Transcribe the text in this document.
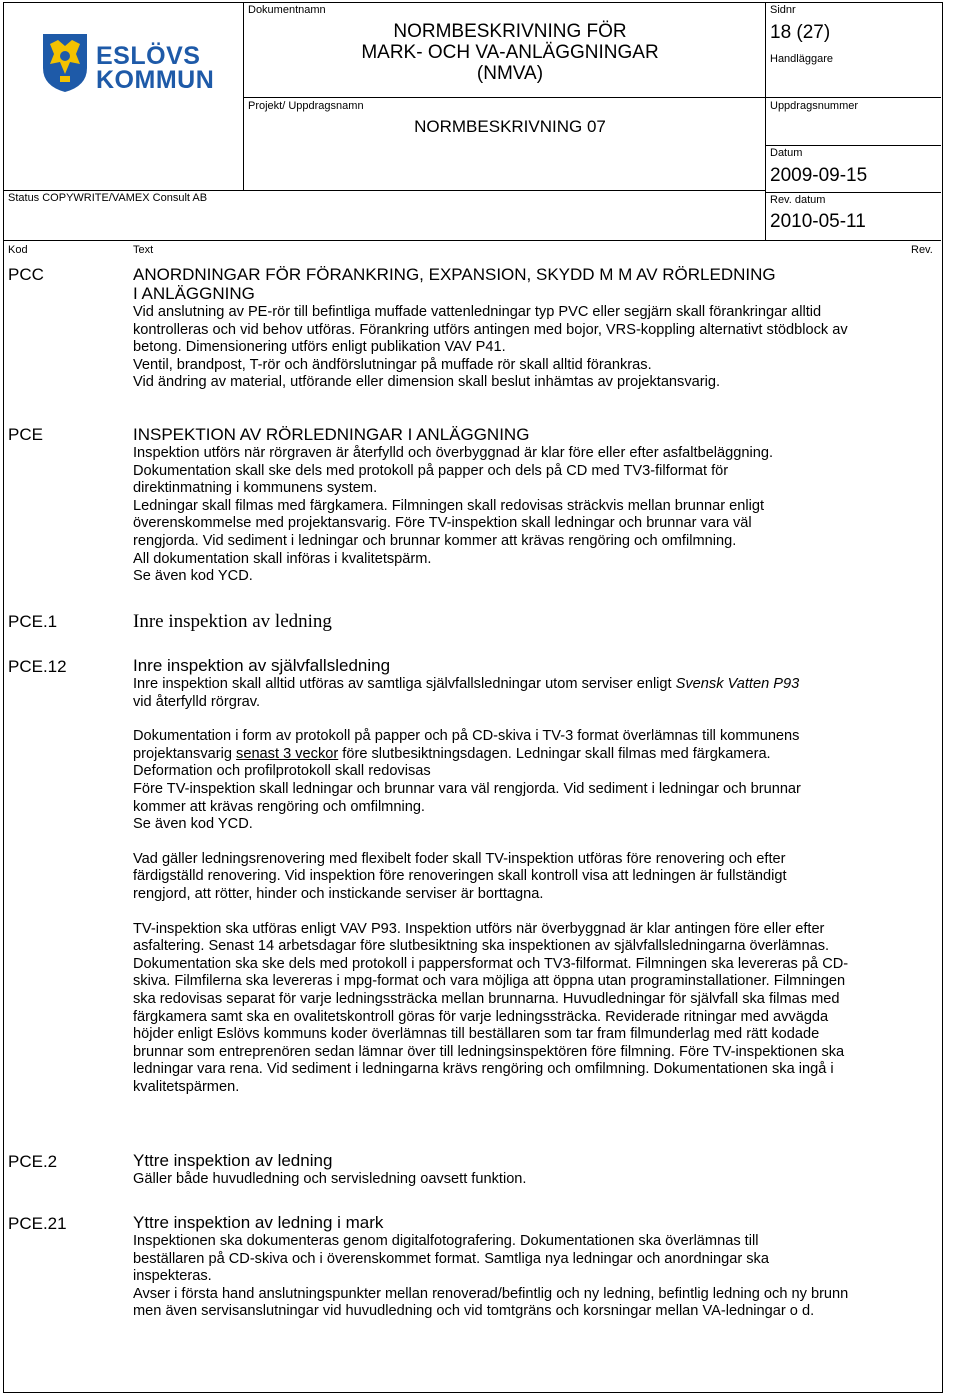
ESLÖVS
KOMMUN
Status COPYWRITE/VAMEX Consult AB
Dokumentnamn
NORMBESKRIVNING FÖR
MARK- OCH VA-ANLÄGGNINGAR
(NMVA)
Projekt/ Uppdragsnamn
NORMBESKRIVNING 07
Sidnr
18 (27)
Handläggare
Uppdragsnummer
Datum
2009-09-15
Rev. datum
2010-05-11
Kod	Text	Rev.
PCC	ANORDNINGAR FÖR FÖRANKRING, EXPANSION, SKYDD M M AV RÖRLEDNING
I ANLÄGGNING

Vid anslutning av PE-rör till befintliga muffade vattenledningar typ PVC eller segjärn skall förankringar alltid

kontrolleras och vid behov utföras. Förankring utförs antingen med bojor, VRS-koppling alternativt stödblock av

betong. Dimensionering utförs enligt publikation VAV P41.

Ventil, brandpost, T-rör och ändförslutningar på muffade rör skall alltid förankras.

Vid ändring av material, utförande eller dimension skall beslut inhämtas av projektansvarig.

PCE	INSPEKTION AV RÖRLEDNINGAR I ANLÄGGNING

Inspektion utförs när rörgraven är återfylld och överbyggnad är klar före eller efter asfaltbeläggning.

Dokumentation skall ske dels med protokoll på papper och dels på CD med TV3-filformat för

direktinmatning i kommunens system.

Ledningar skall filmas med färgkamera. Filmningen skall redovisas sträckvis mellan brunnar enligt

överenskommelse med projektansvarig. Före TV-inspektion skall ledningar och brunnar vara väl

rengjorda. Vid sediment i ledningar och brunnar kommer att krävas rengöring och omfilmning.

All dokumentation skall införas i kvalitetspärm.

Se även kod YCD.

PCE.1	Inre inspektion av ledning
PCE.12	Inre inspektion av självfallsledning

Inre inspektion skall alltid utföras av samtliga självfallsledningar utom serviser enligt Svensk Vatten P93

vid återfylld rörgrav.

Dokumentation i form av protokoll på papper och på CD-skiva i TV-3 format överlämnas till kommunens

projektansvarig senast 3 veckor före slutbesiktningsdagen. Ledningar skall filmas med färgkamera.

Deformation och profilprotokoll skall redovisas

Före TV-inspektion skall ledningar och brunnar vara väl rengjorda. Vid sediment i ledningar och brunnar

kommer att krävas rengöring och omfilmning.

Se även kod YCD.

Vad gäller ledningsrenovering med flexibelt foder skall TV-inspektion utföras före renovering och efter

färdigställd renovering. Vid inspektion före renoveringen skall kontroll visa att ledningen är fullständigt

rengjord, att rötter, hinder och instickande serviser är borttagna.

TV-inspektion ska utföras enligt VAV P93. Inspektion utförs när överbyggnad är klar antingen före eller efter

asfaltering. Senast 14 arbetsdagar före slutbesiktning ska inspektionen av självfallsledningarna överlämnas.

Dokumentation ska ske dels med protokoll i pappersformat och TV3-filformat. Filmningen ska levereras på CD-

skiva. Filmfilerna ska levereras i mpg-format och vara möjliga att öppna utan programinstallationer. Filmningen

ska redovisas separat för varje ledningssträcka mellan brunnarna. Huvudledningar för självfall ska filmas med

färgkamera samt ska en ovalitetskontroll göras för varje ledningssträcka. Reviderade ritningar med avvägda

höjder enligt Eslövs kommuns koder överlämnas till beställaren som tar fram filmunderlag med rätt kodade

brunnar som entreprenören sedan lämnar över till ledningsinspektören före filmning. Före TV-inspektionen ska

ledningar vara rena. Vid sediment i ledningarna krävs rengöring och omfilmning. Dokumentationen ska ingå i

kvalitetspärmen.

PCE.2	Yttre inspektion av ledning

Gäller både huvudledning och servisledning oavsett funktion.

PCE.21	Yttre inspektion av ledning i mark

Inspektionen ska dokumenteras genom digitalfotografering. Dokumentationen ska överlämnas till

beställaren på CD-skiva och i överenskommet format. Samtliga nya ledningar och anordningar ska

inspekteras.

Avser i första hand anslutningspunkter mellan renoverad/befintlig och ny ledning, befintlig ledning och ny brunn

men även servisanslutningar vid huvudledning och vid tomtgräns och korsningar mellan VA-ledningar o d.
